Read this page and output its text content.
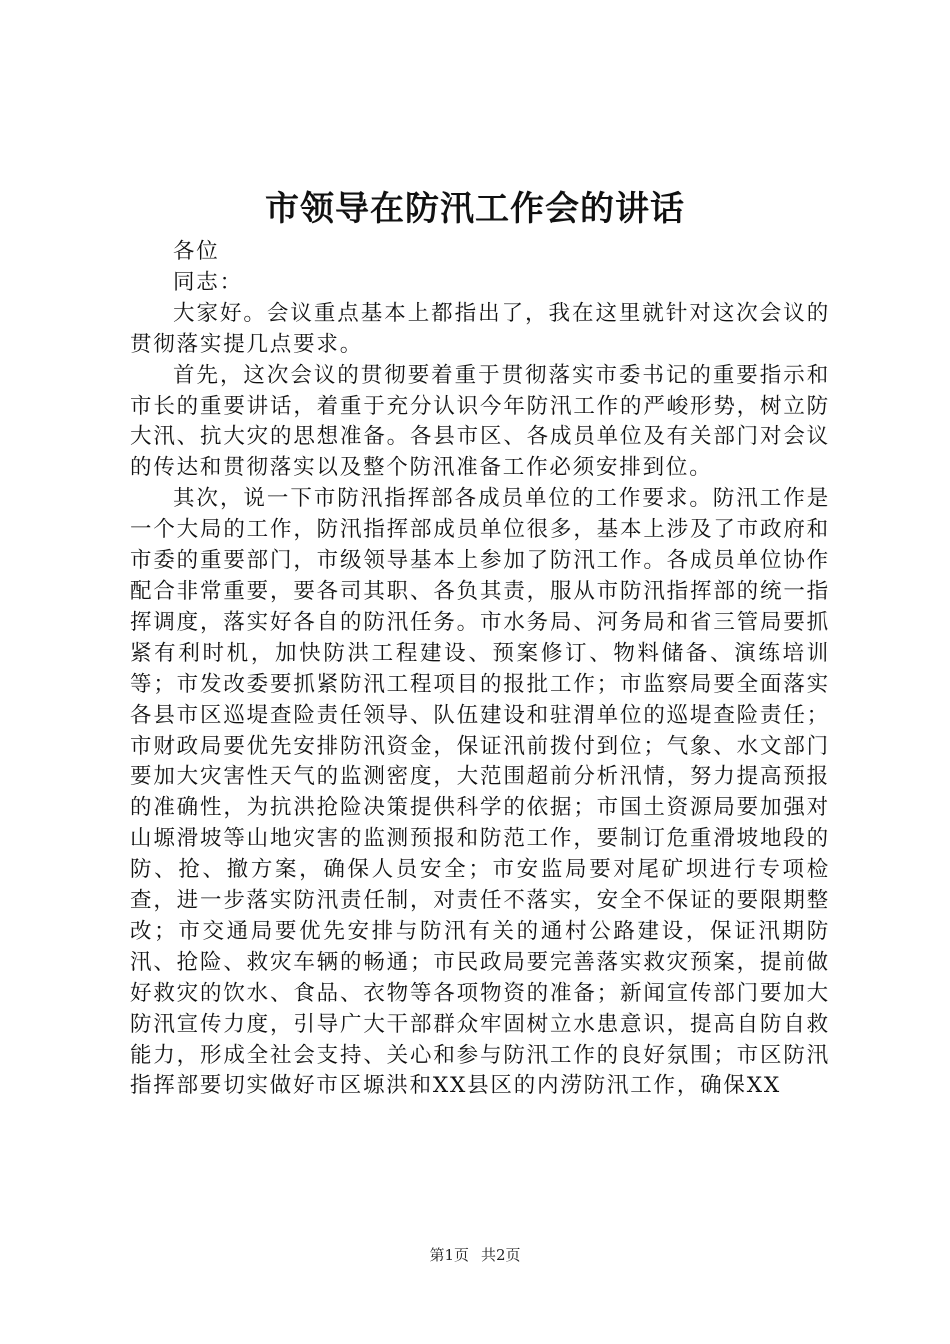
市领导在防汛工作会的讲话

各位

同志：

大家好。会议重点基本上都指出了，我在这里就针对这次会议的贯彻落实提几点要求。

首先，这次会议的贯彻要着重于贯彻落实市委书记的重要指示和市长的重要讲话，着重于充分认识今年防汛工作的严峻形势，树立防大汛、抗大灾的思想准备。各县市区、各成员单位及有关部门对会议的传达和贯彻落实以及整个防汛准备工作必须安排到位。

其次，说一下市防汛指挥部各成员单位的工作要求。防汛工作是一个大局的工作，防汛指挥部成员单位很多，基本上涉及了市政府和市委的重要部门，市级领导基本上参加了防汛工作。各成员单位协作配合非常重要，要各司其职、各负其责，服从市防汛指挥部的统一指挥调度，落实好各自的防汛任务。市水务局、河务局和省三管局要抓紧有利时机，加快防洪工程建设、预案修订、物料储备、演练培训等；市发改委要抓紧防汛工程项目的报批工作；市监察局要全面落实各县市区巡堤查险责任领导、队伍建设和驻渭单位的巡堤查险责任；市财政局要优先安排防汛资金，保证汛前拨付到位；气象、水文部门要加大灾害性天气的监测密度，大范围超前分析汛情，努力提高预报的准确性，为抗洪抢险决策提供科学的依据；市国土资源局要加强对山塬滑坡等山地灾害的监测预报和防范工作，要制订危重滑坡地段的防、抢、撤方案，确保人员安全；市安监局要对尾矿坝进行专项检查，进一步落实防汛责任制，对责任不落实，安全不保证的要限期整改；市交通局要优先安排与防汛有关的通村公路建设，保证汛期防汛、抢险、救灾车辆的畅通；市民政局要完善落实救灾预案，提前做好救灾的饮水、食品、衣物等各项物资的准备；新闻宣传部门要加大防汛宣传力度，引导广大干部群众牢固树立水患意识，提高自防自救能力，形成全社会支持、关心和参与防汛工作的良好氛围；市区防汛指挥部要切实做好市区塬洪和XX县区的内涝防汛工作，确保XX

第1页 共2页
